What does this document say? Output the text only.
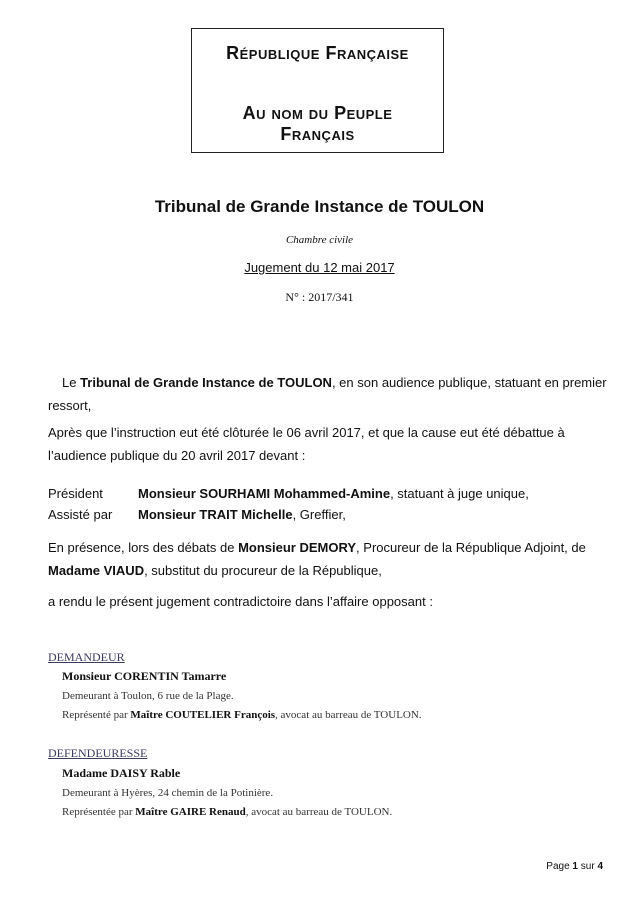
République Française
Au nom du Peuple Français
Tribunal de Grande Instance de TOULON
Chambre civile
Jugement du 12 mai 2017
N° : 2017/341
Le Tribunal de Grande Instance de TOULON, en son audience publique, statuant en premier ressort,
Après que l’instruction eut été clôturée le 06 avril 2017, et que la cause eut été débattue à l’audience publique du 20 avril 2017 devant :
Président	Monsieur SOURHAMI Mohammed-Amine, statuant à juge unique,
Assisté par Monsieur TRAIT Michelle, Greffier,
En présence, lors des débats de Monsieur DEMORY, Procureur de la République Adjoint, de Madame VIAUD, substitut du procureur de la République,
a rendu le présent jugement contradictoire dans l’affaire opposant :
DEMANDEUR
Monsieur CORENTIN Tamarre
Demeurant à Toulon, 6 rue de la Plage.
Représenté par Maître COUTELIER François, avocat au barreau de TOULON.
DEFENDEURESSE
Madame DAISY Rable
Demeurant à Hyères, 24 chemin de la Potinière.
Représentée par Maître GAIRE Renaud, avocat au barreau de TOULON.
Page 1 sur 4
